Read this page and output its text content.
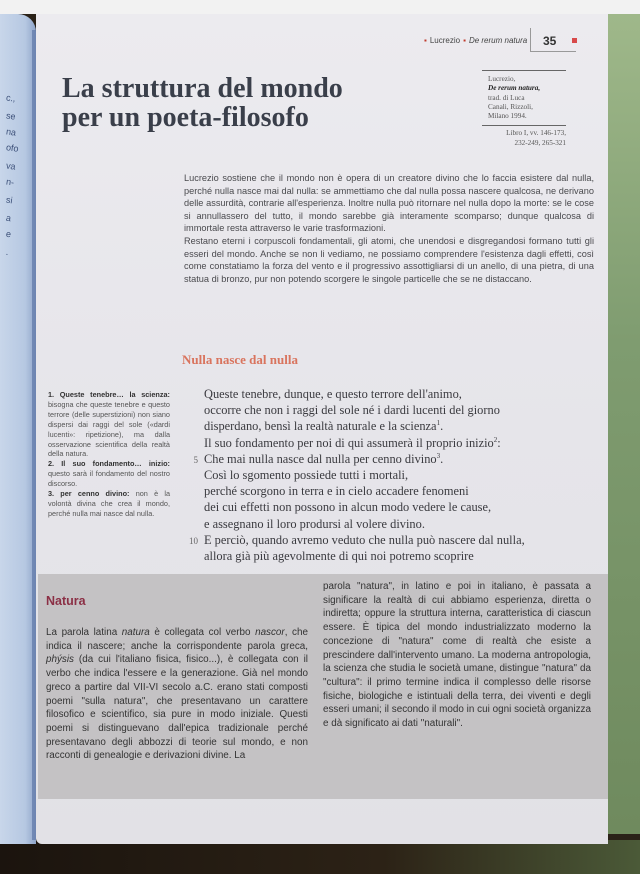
c.,
se
na
ofo
va
n-
si
a
e
.
▪ Lucrezio ▪ De rerum natura 35
La struttura del mondo
per un poeta-filosofo
Lucrezio,
De rerum natura,
trad. di Luca
Canali, Rizzoli,
Milano 1994.
Libro I, vv. 146-173,
232-249, 265-321

Lucrezio sostiene che il mondo non è opera di un creatore divino che lo faccia esistere dal nulla, perché nulla nasce mai dal nulla: se ammettiamo che dal nulla possa nascere qualcosa, ne derivano delle assurdità, contrarie all'esperienza. Inoltre nulla può ritornare nel nulla dopo la morte: se le cose si annullassero del tutto, il mondo sarebbe già interamente scomparso; dunque qualcosa di immortale resta attraverso le varie trasformazioni.

Restano eterni i corpuscoli fondamentali, gli atomi, che unendosi e disgregandosi formano tutti gli esseri del mondo. Anche se non li vediamo, ne possiamo comprendere l'esistenza dagli effetti, così come constatiamo la forza del vento e il progressivo assottigliarsi di un anello, di una pietra, di una statua di bronzo, pur non potendo scorgere le singole particelle che se ne distaccano.

Nulla nasce dal nulla
1. Queste tenebre… la scienza: bisogna che queste tenebre e questo terrore (delle superstizioni) non siano dispersi dai raggi del sole («dardi lucenti»: ripetizione), ma dalla osservazione scientifica della realtà della natura.
2. Il suo fondamento… inizio: questo sarà il fondamento del nostro discorso.
3. per cenno divino: non è la volontà divina che crea il mondo, perché nulla mai nasce dal nulla.
Queste tenebre, dunque, e questo terrore dell'animo,
occorre che non i raggi del sole né i dardi lucenti del giorno
disperdano, bensì la realtà naturale e la scienza$^1$.
Il suo fondamento per noi di qui assumerà il proprio inizio$^2$:
5 Che mai nulla nasce dal nulla per cenno divino$^3$.
Così lo sgomento possiede tutti i mortali,
perché scorgono in terra e in cielo accadere fenomeni
dei cui effetti non possono in alcun modo vedere le cause,
e assegnano il loro prodursi al volere divino.
10 E perciò, quando avremo veduto che nulla può nascere dal nulla,
allora già più agevolmente di qui noi potremo scoprire
Natura
La parola latina natura è collegata col verbo nascor, che indica il nascere; anche la corrispondente parola greca, phýsis (da cui l'italiano fisica, fisico...), è collegata con il verbo che indica l'essere e la generazione. Già nel mondo greco a partire dal VII-VI secolo a.C. erano stati composti poemi "sulla natura", che presentavano un carattere filosofico e scientifico, sia pure in modo iniziale. Questi poemi si distinguevano dall'epica tradizionale perché presentavano degli abbozzi di teorie sul mondo, e non racconti di genealogie e derivazioni divine. La
parola "natura", in latino e poi in italiano, è passata a significare la realtà di cui abbiamo esperienza, diretta o indiretta; oppure la struttura interna, caratteristica di ciascun essere. È tipica del mondo industrializzato moderno la concezione di "natura" come di realtà che esiste a prescindere dall'intervento umano. La moderna antropologia, la scienza che studia le società umane, distingue "natura" da "cultura": il primo termine indica il complesso delle risorse fisiche, biologiche e istintuali della terra, dei viventi e degli esseri umani; il secondo il modo in cui ogni società organizza e dà significato ai dati "naturali".
